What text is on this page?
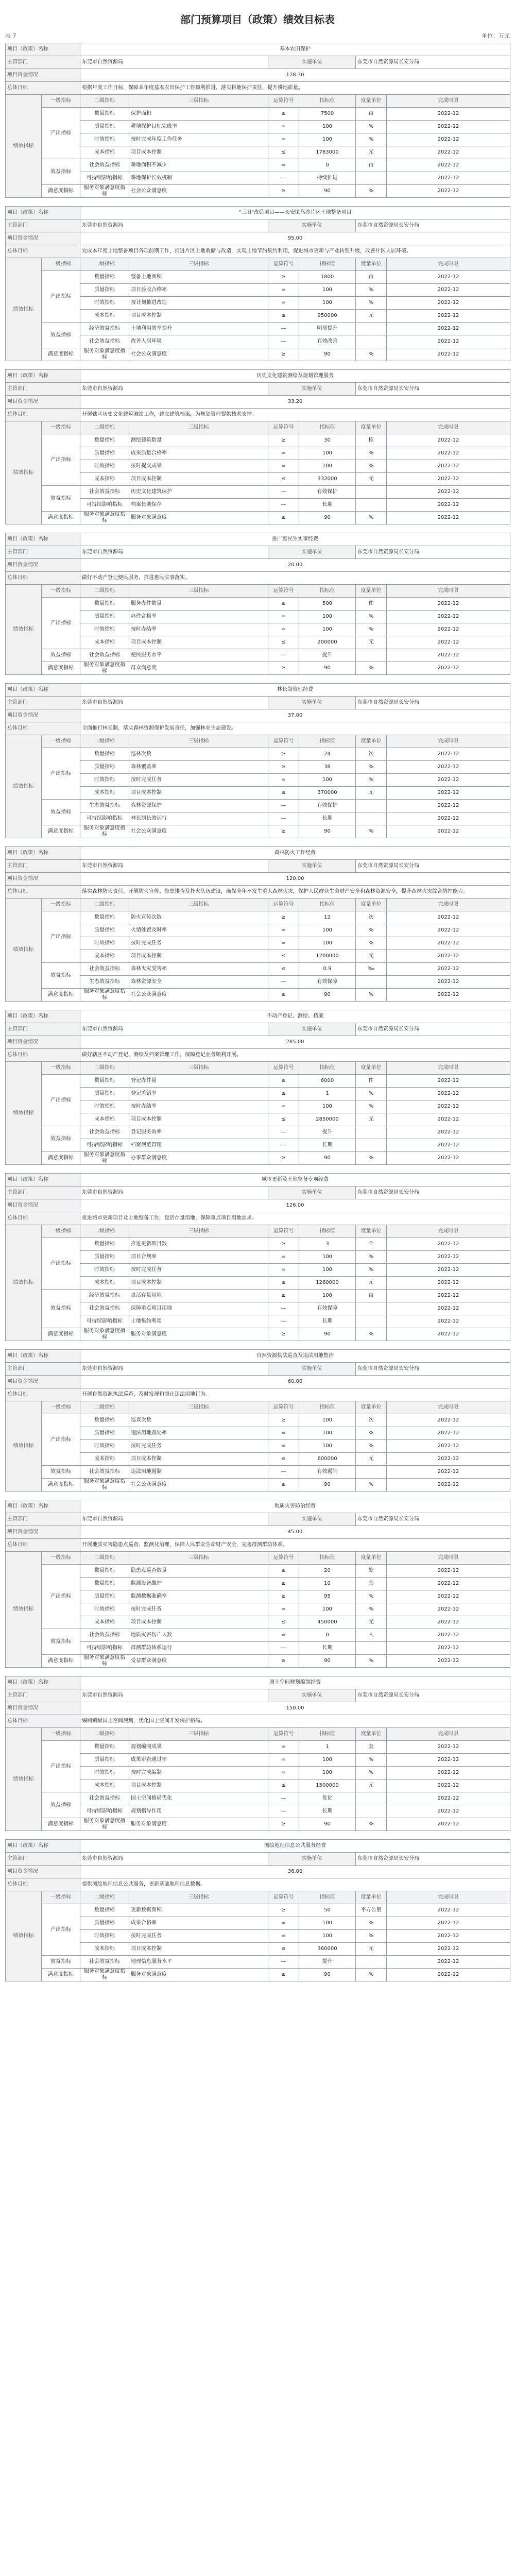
部门预算项目（政策）绩效目标表
表 7	单位：万元
项目（政策）名称		基本农田保护					
主管部门		东莞市自然资源局		实施单位		东莞市自然资源局长安分局	
项目资金情况		178.30					
总体目标		根据年度工作目标，保障本年度基本农田保护工作顺利推进，落实耕地保护责任，提升耕地质量。					
绩效指标	一级指标	二级指标	三级指标	运算符号	指标值	度量单位	完成时限
	产出指标	数量指标	保护面积	≥	7500	亩	2022-12
		质量指标	耕地保护目标完成率	=	100	%	2022-12
		时效指标	按时完成年度工作任务	=	100	%	2022-12
		成本指标	项目成本控制	≤	1783000	元	2022-12
	效益指标	社会效益指标	耕地面积不减少	=	0	亩	2022-12
		可持续影响指标	耕地保护长效机制	—	持续推进		2022-12
	满意度指标	服务对象满意度指标	社会公众满意度	≥	90	%	2022-12
项目（政策）名称		"三旧"改造项目——长安镇乌沙片区土地整备项目					
主管部门		东莞市自然资源局		实施单位		东莞市自然资源局长安分局	
项目资金情况		95.00					
总体目标		完成本年度土地整备项目各项前期工作，推进片区土地收储与改造，实现土地节约集约利用，促进城市更新与产业转型升级，改善片区人居环境。					
绩效指标	一级指标	二级指标	三级指标	运算符号	指标值	度量单位	完成时限
	产出指标	数量指标	整备土地面积	≥	1800	亩	2022-12
		质量指标	项目验收合格率	=	100	%	2022-12
		时效指标	按计划推进改造	=	100	%	2022-12
		成本指标	项目成本控制	≤	950000	元	2022-12
	效益指标	经济效益指标	土地利用效率提升	—	明显提升		2022-12
		社会效益指标	改善人居环境	—	有效改善		2022-12
	满意度指标	服务对象满意度指标	社会公众满意度	≥	90	%	2022-12
项目（政策）名称		历史文化建筑测绘及规划管理服务					
主管部门		东莞市自然资源局		实施单位		东莞市自然资源局长安分局	
项目资金情况		33.20					
总体目标		开展辖区历史文化建筑测绘工作，建立建筑档案，为规划管理提供技术支撑。					
绩效指标	一级指标	二级指标	三级指标	运算符号	指标值	度量单位	完成时限
	产出指标	数量指标	测绘建筑数量	≥	30	栋	2022-12
		质量指标	成果质量合格率	=	100	%	2022-12
		时效指标	按时提交成果	=	100	%	2022-12
		成本指标	项目成本控制	≤	332000	元	2022-12
	效益指标	社会效益指标	历史文化建筑保护	—	有效保护		2022-12
		可持续影响指标	档案长期保存	—	长期		2022-12
	满意度指标	服务对象满意度指标	服务对象满意度	≥	90	%	2022-12
项目（政策）名称		推广惠民生实事经费					
主管部门		东莞市自然资源局		实施单位		东莞市自然资源局长安分局	
项目资金情况		20.00					
总体目标		做好不动产登记便民服务，推进惠民实事落实。					
绩效指标	一级指标	二级指标	三级指标	运算符号	指标值	度量单位	完成时限
	产出指标	数量指标	服务办件数量	≥	500	件	2022-12
		质量指标	办件合格率	=	100	%	2022-12
		时效指标	按时办结率	=	100	%	2022-12
		成本指标	项目成本控制	≤	200000	元	2022-12
	效益指标	社会效益指标	便民服务水平	—	提升		2022-12
	满意度指标	服务对象满意度指标	群众满意度	≥	90	%	2022-12
项目（政策）名称		林长制管理经费					
主管部门		东莞市自然资源局		实施单位		东莞市自然资源局长安分局	
项目资金情况		37.00					
总体目标		全面推行林长制，落实森林资源保护发展责任，加强林业生态建设。					
绩效指标	一级指标	二级指标	三级指标	运算符号	指标值	度量单位	完成时限
	产出指标	数量指标	巡林次数	≥	24	次	2022-12
		质量指标	森林覆盖率	≥	38	%	2022-12
		时效指标	按时完成任务	=	100	%	2022-12
		成本指标	项目成本控制	≤	370000	元	2022-12
	效益指标	生态效益指标	森林资源保护	—	有效保护		2022-12
		可持续影响指标	林长制长效运行	—	长期		2022-12
	满意度指标	服务对象满意度指标	社会公众满意度	≥	90	%	2022-12
项目（政策）名称		森林防火工作经费					
主管部门		东莞市自然资源局		实施单位		东莞市自然资源局长安分局	
项目资金情况		120.00					
总体目标		落实森林防火责任，开展防火宣传、隐患排查及扑火队伍建设，确保全年不发生重大森林火灾，保护人民群众生命财产安全和森林资源安全，提升森林火灾综合防控能力。					
绩效指标	一级指标	二级指标	三级指标	运算符号	指标值	度量单位	完成时限
	产出指标	数量指标	防火宣传次数	≥	12	次	2022-12
		质量指标	火情处置及时率	=	100	%	2022-12
		时效指标	按时完成任务	=	100	%	2022-12
		成本指标	项目成本控制	≤	1200000	元	2022-12
	效益指标	社会效益指标	森林火灾受害率	≤	0.9	‰	2022-12
		生态效益指标	森林资源安全	—	有效保障		2022-12
	满意度指标	服务对象满意度指标	社会公众满意度	≥	90	%	2022-12
项目（政策）名称		不动产登记、测绘、档案					
主管部门		东莞市自然资源局		实施单位		东莞市自然资源局长安分局	
项目资金情况		285.00					
总体目标		做好辖区不动产登记、测绘及档案管理工作，保障登记业务顺利开展。					
绩效指标	一级指标	二级指标	三级指标	运算符号	指标值	度量单位	完成时限
	产出指标	数量指标	登记办件量	≥	6000	件	2022-12
		质量指标	登记差错率	≤	1	%	2022-12
		时效指标	按时办结率	=	100	%	2022-12
		成本指标	项目成本控制	≤	2850000	元	2022-12
	效益指标	社会效益指标	登记服务效率	—	提升		2022-12
		可持续影响指标	档案规范管理	—	长期		2022-12
	满意度指标	服务对象满意度指标	办事群众满意度	≥	90	%	2022-12
项目（政策）名称		城市更新及土地整备专项经费					
主管部门		东莞市自然资源局		实施单位		东莞市自然资源局长安分局	
项目资金情况		126.00					
总体目标		推进城市更新项目及土地整备工作，盘活存量用地，保障重点项目用地需求。					
绩效指标	一级指标	二级指标	三级指标	运算符号	指标值	度量单位	完成时限
	产出指标	数量指标	推进更新项目数	≥	3	个	2022-12
		质量指标	项目合规率	=	100	%	2022-12
		时效指标	按时完成任务	=	100	%	2022-12
		成本指标	项目成本控制	≤	1260000	元	2022-12
	效益指标	经济效益指标	盘活存量用地	≥	100	亩	2022-12
		社会效益指标	保障重点项目用地	—	有效保障		2022-12
		可持续影响指标	土地集约利用	—	长期		2022-12
	满意度指标	服务对象满意度指标	服务对象满意度	≥	90	%	2022-12
项目（政策）名称		自然资源执法巡查及违法用地整治					
主管部门		东莞市自然资源局		实施单位		东莞市自然资源局长安分局	
项目资金情况		60.00					
总体目标		开展自然资源执法巡查，及时发现和制止违法用地行为。					
绩效指标	一级指标	二级指标	三级指标	运算符号	指标值	度量单位	完成时限
	产出指标	数量指标	巡查次数	≥	100	次	2022-12
		质量指标	违法用地查处率	=	100	%	2022-12
		时效指标	按时完成任务	=	100	%	2022-12
		成本指标	项目成本控制	≤	600000	元	2022-12
	效益指标	社会效益指标	违法用地遏制	—	有效遏制		2022-12
	满意度指标	服务对象满意度指标	社会公众满意度	≥	90	%	2022-12
项目（政策）名称		地质灾害防治经费					
主管部门		东莞市自然资源局		实施单位		东莞市自然资源局长安分局	
项目资金情况		45.00					
总体目标		开展地质灾害隐患点巡查、监测及治理，保障人民群众生命财产安全，完善群测群防体系。					
绩效指标	一级指标	二级指标	三级指标	运算符号	指标值	度量单位	完成时限
	产出指标	数量指标	隐患点巡查数量	≥	20	处	2022-12
		数量指标	监测设备维护	≥	10	套	2022-12
		质量指标	监测数据准确率	≥	95	%	2022-12
		时效指标	按时完成任务	=	100	%	2022-12
		成本指标	项目成本控制	≤	450000	元	2022-12
	效益指标	社会效益指标	地质灾害伤亡人数	=	0	人	2022-12
		可持续影响指标	群测群防体系运行	—	长期		2022-12
	满意度指标	服务对象满意度指标	受益群众满意度	≥	90	%	2022-12
项目（政策）名称		国土空间规划编制经费					
主管部门		东莞市自然资源局		实施单位		东莞市自然资源局长安分局	
项目资金情况		150.00					
总体目标		编制镇级国土空间规划，优化国土空间开发保护格局。					
绩效指标	一级指标	二级指标	三级指标	运算符号	指标值	度量单位	完成时限
	产出指标	数量指标	规划编制成果	=	1	套	2022-12
		质量指标	成果审查通过率	=	100	%	2022-12
		时效指标	按时完成编制	=	100	%	2022-12
		成本指标	项目成本控制	≤	1500000	元	2022-12
	效益指标	社会效益指标	国土空间格局优化	—	优化		2022-12
		可持续影响指标	规划指导作用	—	长期		2022-12
	满意度指标	服务对象满意度指标	服务对象满意度	≥	90	%	2022-12
项目（政策）名称		测绘地理信息公共服务经费					
主管部门		东莞市自然资源局		实施单位		东莞市自然资源局长安分局	
项目资金情况		36.00					
总体目标		提供测绘地理信息公共服务，更新基础地理信息数据。					
绩效指标	一级指标	二级指标	三级指标	运算符号	指标值	度量单位	完成时限
	产出指标	数量指标	更新数据面积	≥	50	平方公里	2022-12
		质量指标	成果合格率	=	100	%	2022-12
		时效指标	按时完成任务	=	100	%	2022-12
		成本指标	项目成本控制	≤	360000	元	2022-12
	效益指标	社会效益指标	地理信息服务水平	—	提升		2022-12
	满意度指标	服务对象满意度指标	服务对象满意度	≥	90	%	2022-12
